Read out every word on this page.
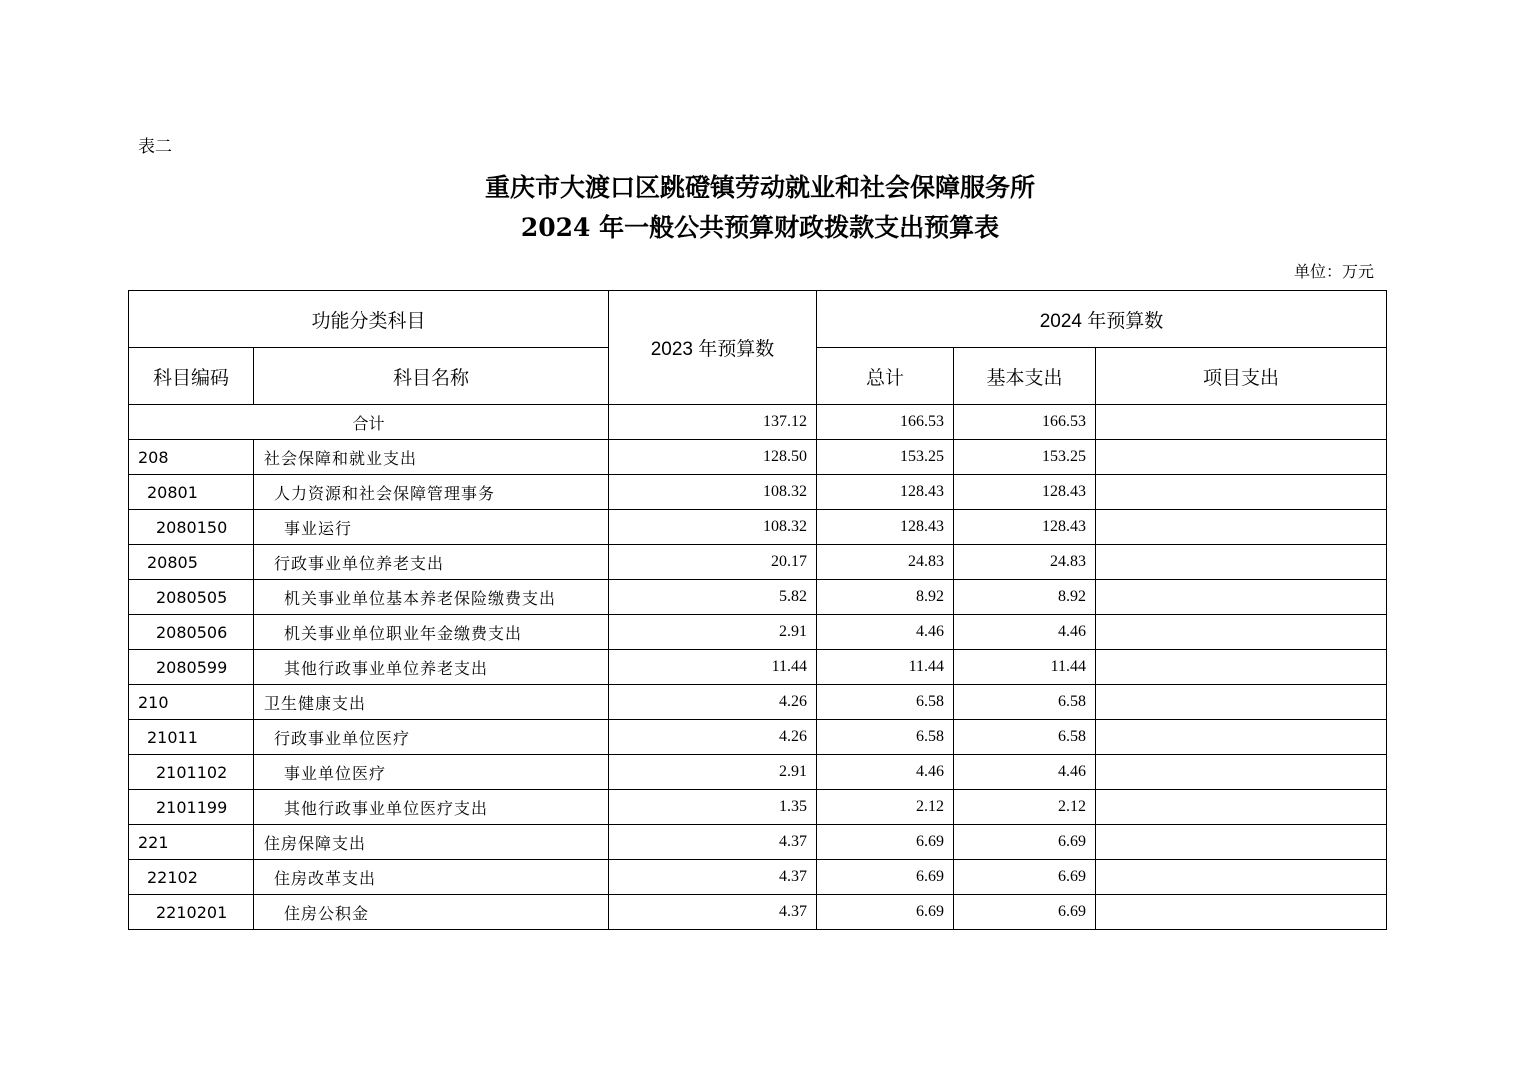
表二
重庆市大渡口区跳磴镇劳动就业和社会保障服务所
2024 年一般公共预算财政拨款支出预算表
单位：万元
功能分类科目		2023 年预算数	2024 年预算数		
科目编码	科目名称		总计	基本支出	项目支出
合计		137.12	166.53	166.53	
208	社会保障和就业支出	128.50	153.25	153.25	
20801	人力资源和社会保障管理事务	108.32	128.43	128.43	
2080150	事业运行	108.32	128.43	128.43	
20805	行政事业单位养老支出	20.17	24.83	24.83	
2080505	机关事业单位基本养老保险缴费支出	5.82	8.92	8.92	
2080506	机关事业单位职业年金缴费支出	2.91	4.46	4.46	
2080599	其他行政事业单位养老支出	11.44	11.44	11.44	
210	卫生健康支出	4.26	6.58	6.58	
21011	行政事业单位医疗	4.26	6.58	6.58	
2101102	事业单位医疗	2.91	4.46	4.46	
2101199	其他行政事业单位医疗支出	1.35	2.12	2.12	
221	住房保障支出	4.37	6.69	6.69	
22102	住房改革支出	4.37	6.69	6.69	
2210201	住房公积金	4.37	6.69	6.69	
